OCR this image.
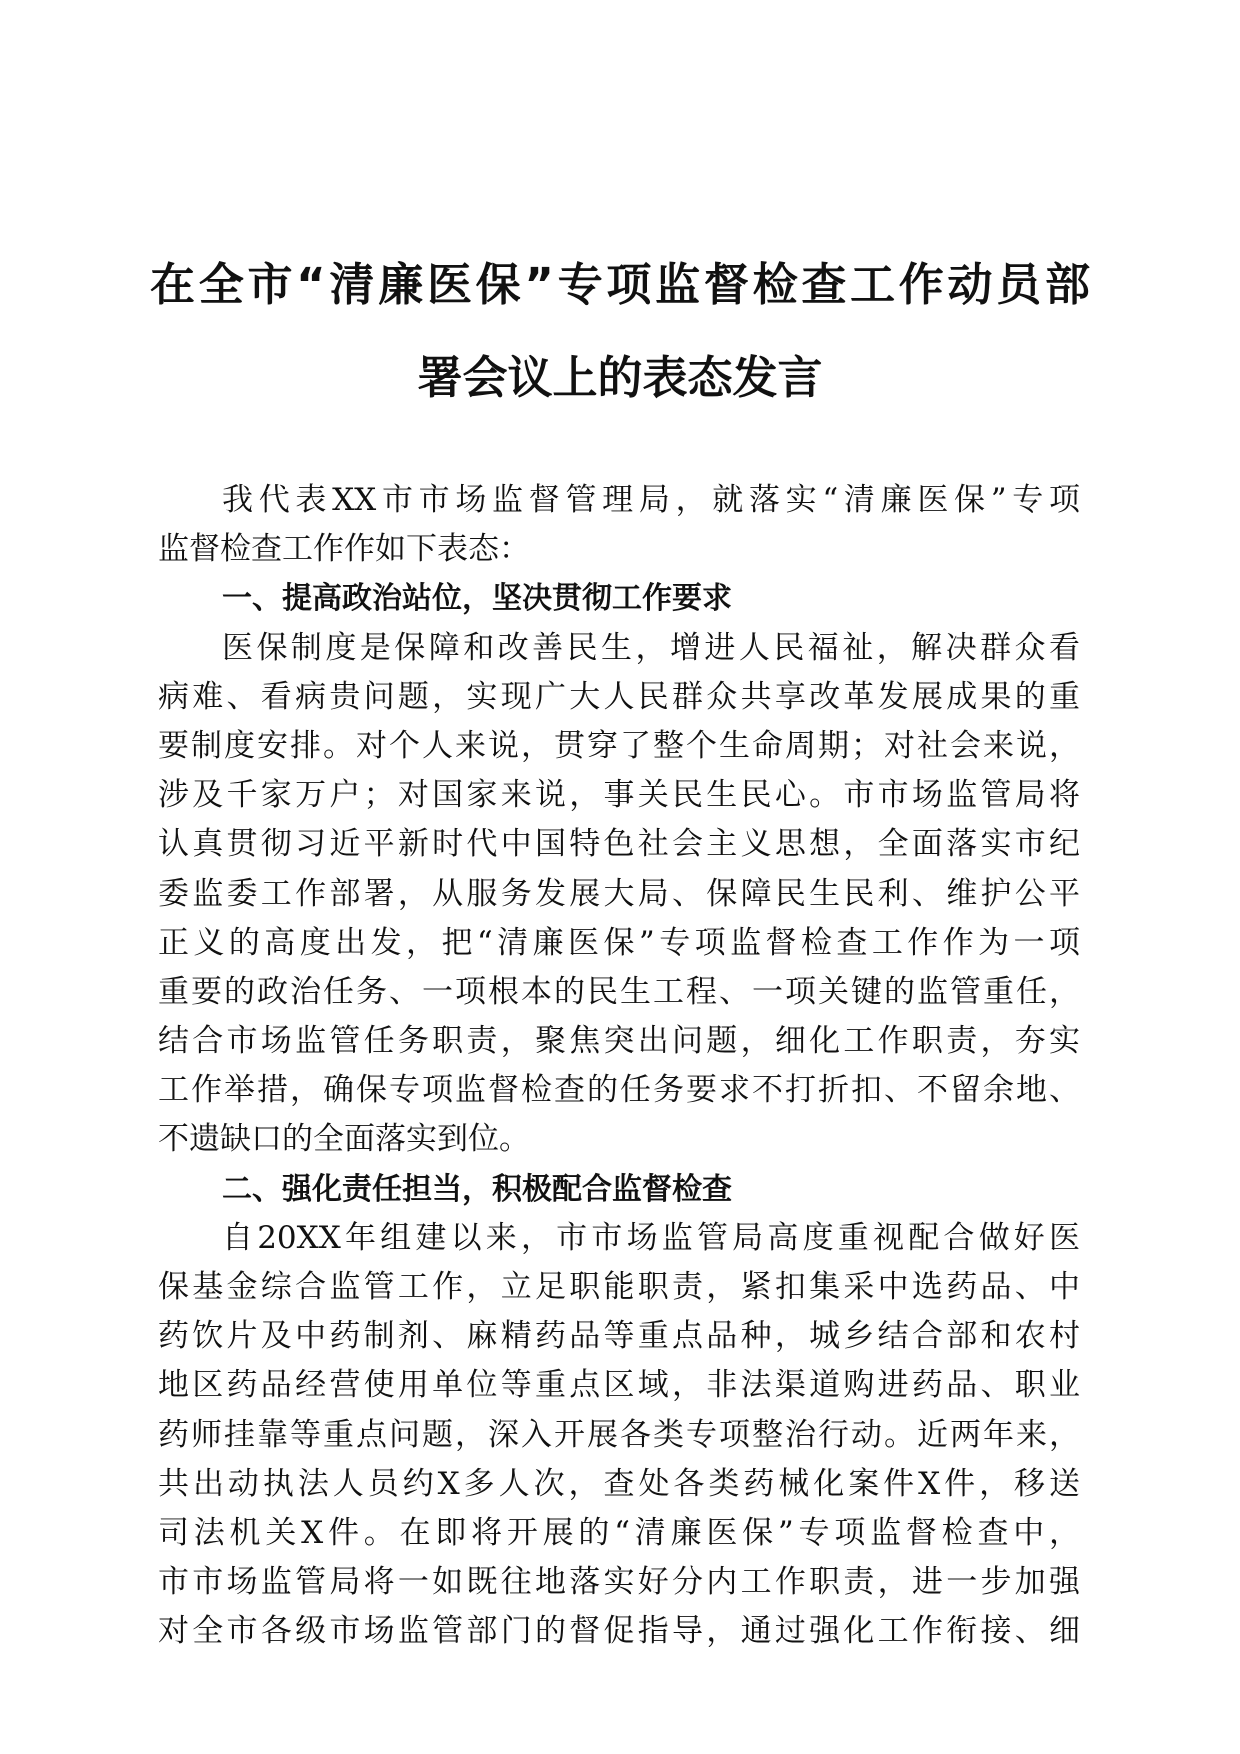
在全市“清廉医保”专项监督检查工作动员部
署会议上的表态发言
我代表XX市市场监督管理局，就落实“清廉医保”专项
监督检查工作作如下表态：
一、提高政治站位，坚决贯彻工作要求
医保制度是保障和改善民生，增进人民福祉，解决群众看
病难、看病贵问题，实现广大人民群众共享改革发展成果的重
要制度安排。对个人来说，贯穿了整个生命周期；对社会来说，
涉及千家万户；对国家来说，事关民生民心。市市场监管局将
认真贯彻习近平新时代中国特色社会主义思想，全面落实市纪
委监委工作部署，从服务发展大局、保障民生民利、维护公平
正义的高度出发，把“清廉医保”专项监督检查工作作为一项
重要的政治任务、一项根本的民生工程、一项关键的监管重任，
结合市场监管任务职责，聚焦突出问题，细化工作职责，夯实
工作举措，确保专项监督检查的任务要求不打折扣、不留余地、
不遗缺口的全面落实到位。
二、强化责任担当，积极配合监督检查
自20XX年组建以来，市市场监管局高度重视配合做好医
保基金综合监管工作，立足职能职责，紧扣集采中选药品、中
药饮片及中药制剂、麻精药品等重点品种，城乡结合部和农村
地区药品经营使用单位等重点区域，非法渠道购进药品、职业
药师挂靠等重点问题，深入开展各类专项整治行动。近两年来，
共出动执法人员约X多人次，查处各类药械化案件X件，移送
司法机关X件。在即将开展的“清廉医保”专项监督检查中，
市市场监管局将一如既往地落实好分内工作职责，进一步加强
对全市各级市场监管部门的督促指导，通过强化工作衔接、细
